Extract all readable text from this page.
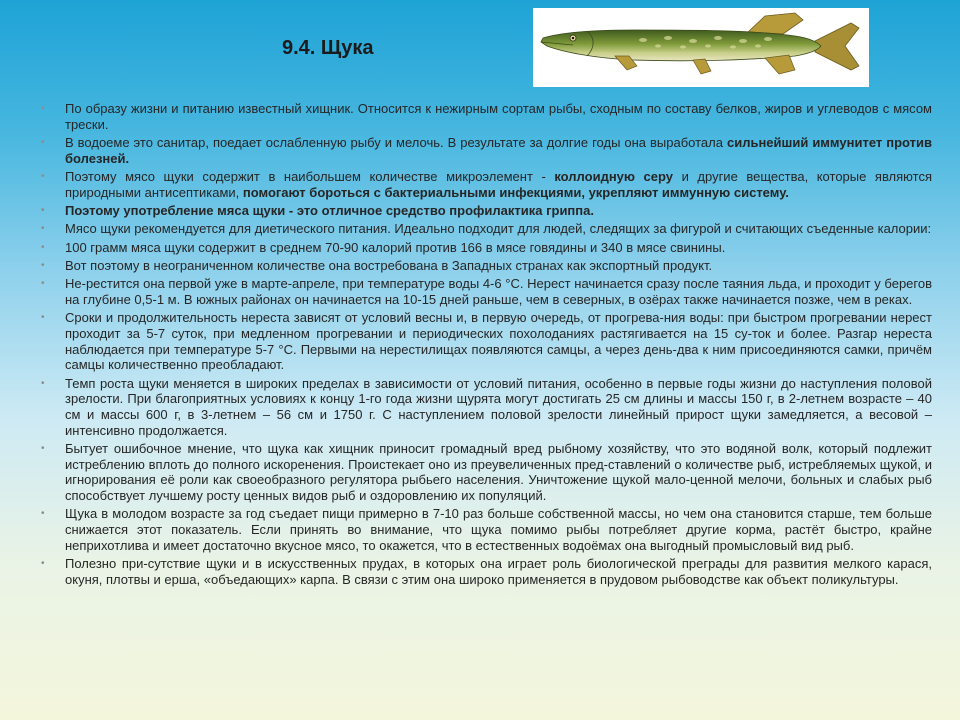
9.4. Щука
• По образу жизни и питанию известный хищник. Относится к нежирным сортам рыбы, сходным по составу белков, жиров и углеводов с мясом трески.
• В водоеме это санитар, поедает ослабленную рыбу и мелочь. В результате за долгие годы она выработала сильнейший иммунитет против болезней.
• Поэтому мясо щуки содержит в наибольшем количестве микроэлемент - коллоидную серу и другие вещества, которые являются природными антисептиками, помогают бороться с бактериальными инфекциями, укрепляют иммунную систему.
• Поэтому употребление мяса щуки - это отличное средство профилактика гриппа.
• Мясо щуки рекомендуется для диетического питания. Идеально подходит для людей, следящих за фигурой и считающих съеденные калории:
• 100 грамм мяса щуки содержит в среднем 70-90 калорий против 166 в мясе говядины и 340 в мясе свинины.
• Вот поэтому в неограниченном количестве она востребована в Западных странах как экспортный продукт.
• Не-рестится она первой уже в марте-апреле, при температуре воды 4-6 °С. Нерест начинается сразу после таяния льда, и проходит у берегов на глубине 0,5-1 м. В южных районах он начинается на 10-15 дней раньше, чем в северных, в озёрах также начинается позже, чем в реках.
• Сроки и продолжительность нереста зависят от условий весны и, в первую очередь, от прогрева-ния воды: при быстром прогревании нерест проходит за 5-7 суток, при медленном прогревании и периодических похолоданиях растягивается на 15 су-ток и более. Разгар нереста наблюдается при температуре 5-7 °С. Первыми на нерестилищах появляются самцы, а через день-два к ним присоединяются самки, причём самцы количественно преобладают.
• Темп роста щуки меняется в широких пределах в зависимости от условий питания, особенно в первые годы жизни до наступления половой зрелости. При благоприятных условиях к концу 1-го года жизни щурята могут достигать 25 см длины и массы 150 г, в 2-летнем возрасте – 40 см и массы 600 г, в 3-летнем – 56 см и 1750 г. С наступлением половой зрелости линейный прирост щуки замедляется, а весовой – интенсивно продолжается.
• Бытует ошибочное мнение, что щука как хищник приносит громадный вред рыбному хозяйству, что это водяной волк, который подлежит истреблению вплоть до полного искоренения. Проистекает оно из преувеличенных пред-ставлений о количестве рыб, истребляемых щукой, и игнорирования её роли как своеобразного регулятора рыбьего населения. Уничтожение щукой мало-ценной мелочи, больных и слабых рыб способствует лучшему росту ценных видов рыб и оздоровлению их популяций.
• Щука в молодом возрасте за год съедает пищи примерно в 7-10 раз больше собственной массы, но чем она становится старше, тем больше снижается этот показатель. Если принять во внимание, что щука помимо рыбы потребляет другие корма, растёт быстро, крайне неприхотлива и имеет достаточно вкусное мясо, то окажется, что в естественных водоёмах она выгодный промысловый вид рыб.
• Полезно при-сутствие щуки и в искусственных прудах, в которых она играет роль биологической преграды для развития мелкого карася, окуня, плотвы и ерша, «объедающих» карпа. В связи с этим она широко применяется в прудовом рыбоводстве как объект поликультуры.
